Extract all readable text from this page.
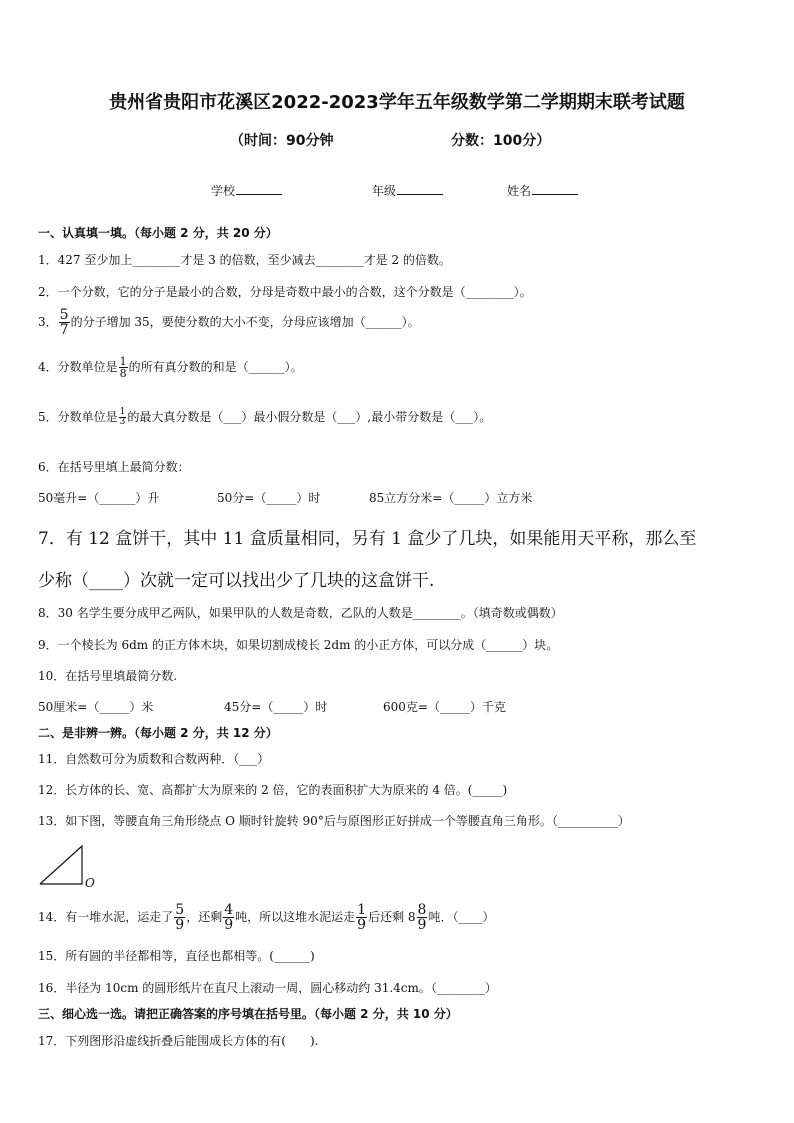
贵州省贵阳市花溪区2022-2023学年五年级数学第二学期期末联考试题
（时间：90分钟	分数：100分）
学校	年级	姓名
一、认真填一填。（每小题 2 分，共 20 分）
1．427 至少加上________才是 3 的倍数，至少减去________才是 2 的倍数。
2．一个分数，它的分子是最小的合数，分母是奇数中最小的合数，这个分数是（________）。
3． $\frac{5}{7}$ 的分子增加 35，要使分数的大小不变，分母应该增加（______）。
4．分数单位是 $\frac{1}{8}$ 的所有真分数的和是（______）。
5．分数单位是 $\frac{1}{3}$ 的最大真分数是（___）最小假分数是（___）,最小带分数是（___）。
6．在括号里填上最简分数：
50毫升=（______）升	50分=（_____）时	85立方分米=（_____）立方米
7．有 12 盒饼干，其中 11 盒质量相同，另有 1 盒少了几块，如果能用天平称，那么至
少称（____）次就一定可以找出少了几块的这盒饼干.
8．30 名学生要分成甲乙两队，如果甲队的人数是奇数，乙队的人数是________。（填奇数或偶数）
9．一个棱长为 6dm 的正方体木块，如果切割成棱长 2dm 的小正方体，可以分成（______）块。
10．在括号里填最简分数.
50厘米=（_____）米	45分=（_____）时	600克=（_____）千克
二、是非辨一辨。（每小题 2 分，共 12 分）
11．自然数可分为质数和合数两种．（___）
12．长方体的长、宽、高都扩大为原来的 2 倍，它的表面积扩大为原来的 4 倍。(_____)
13．如下图，等腰直角三角形绕点 O 顺时针旋转 90°后与原图形正好拼成一个等腰直角三角形。（__________）
O
14．有一堆水泥，运走了 $\frac{5}{9}$ ，还剩 $\frac{4}{9}$ 吨，所以这堆水泥运走 $\frac{1}{9}$ 后还剩 $8 \frac{8}{9}$ 吨．（____）
15．所有圆的半径都相等，直径也都相等。(______)
16．半径为 10cm 的圆形纸片在直尺上滚动一周，圆心移动约 31.4cm。（________）
三、细心选一选。请把正确答案的序号填在括号里。（每小题 2 分，共 10 分）
17．下列图形沿虚线折叠后能围成长方体的有(　　).
